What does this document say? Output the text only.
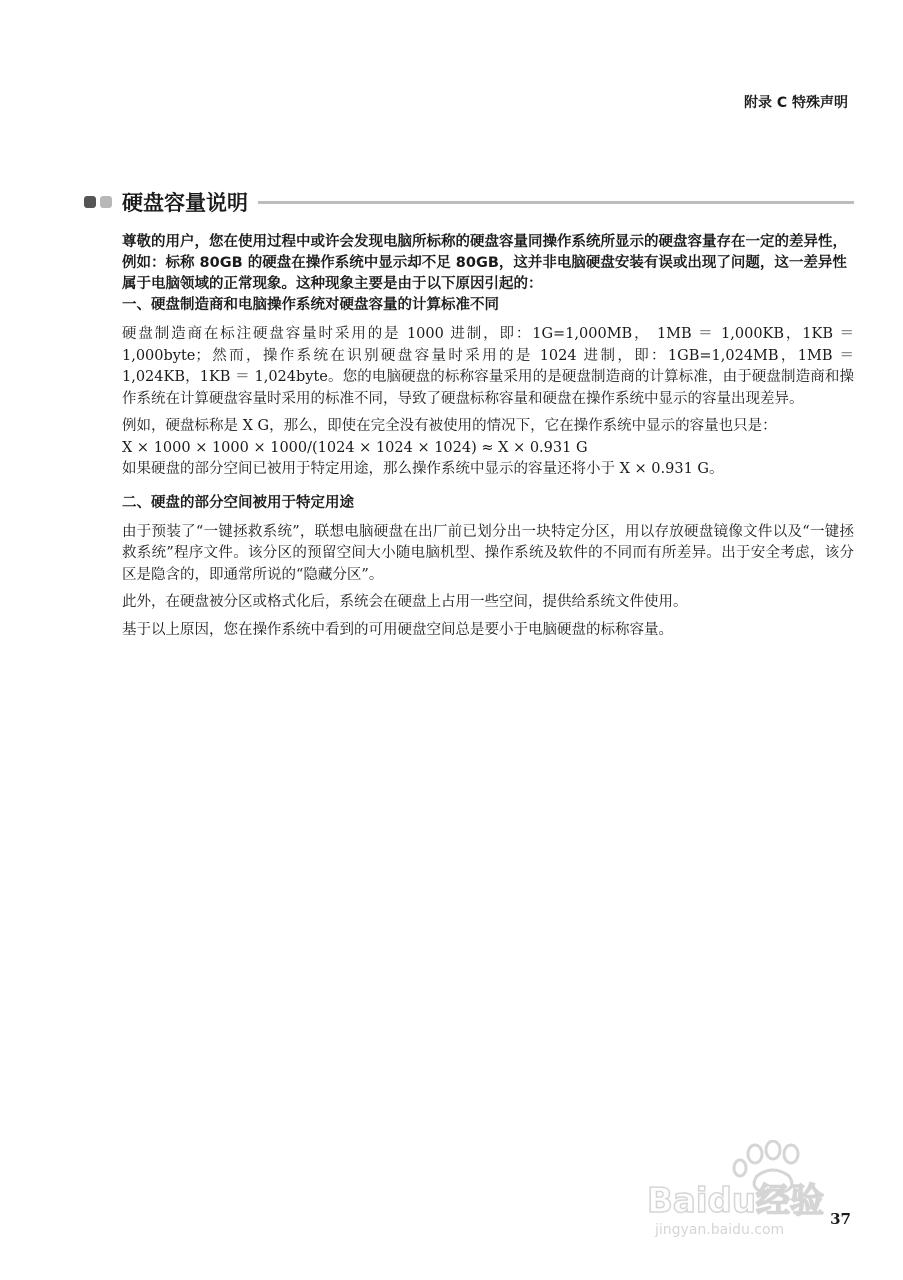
附录 C 特殊声明
硬盘容量说明

尊敬的用户，您在使用过程中或许会发现电脑所标称的硬盘容量同操作系统所显示的硬盘容量存在一定的差异性，例如：标称 80GB 的硬盘在操作系统中显示却不足 80GB，这并非电脑硬盘安装有误或出现了问题，这一差异性属于电脑领域的正常现象。这种现象主要是由于以下原因引起的：

一、硬盘制造商和电脑操作系统对硬盘容量的计算标准不同

硬盘制造商在标注硬盘容量时采用的是 1000 进制，即：1G=1,000MB， 1MB ＝ 1,000KB，1KB ＝ 1,000byte；然而，操作系统在识别硬盘容量时采用的是 1024 进制，即：1GB=1,024MB，1MB ＝ 1,024KB，1KB ＝ 1,024byte。您的电脑硬盘的标称容量采用的是硬盘制造商的计算标准，由于硬盘制造商和操作系统在计算硬盘容量时采用的标准不同，导致了硬盘标称容量和硬盘在操作系统中显示的容量出现差异。

例如，硬盘标称是 X G，那么，即使在完全没有被使用的情况下，它在操作系统中显示的容量也只是：

X × 1000 × 1000 × 1000/(1024 × 1024 × 1024) ≈ X × 0.931 G

如果硬盘的部分空间已被用于特定用途，那么操作系统中显示的容量还将小于 X × 0.931 G。

二、硬盘的部分空间被用于特定用途

由于预装了“一键拯救系统”，联想电脑硬盘在出厂前已划分出一块特定分区，用以存放硬盘镜像文件以及“一键拯救系统”程序文件。该分区的预留空间大小随电脑机型、操作系统及软件的不同而有所差异。出于安全考虑，该分区是隐含的，即通常所说的“隐藏分区”。

此外，在硬盘被分区或格式化后，系统会在硬盘上占用一些空间，提供给系统文件使用。

基于以上原因，您在操作系统中看到的可用硬盘空间总是要小于电脑硬盘的标称容量。

Baidu经验
jingyan.baidu.com
37
